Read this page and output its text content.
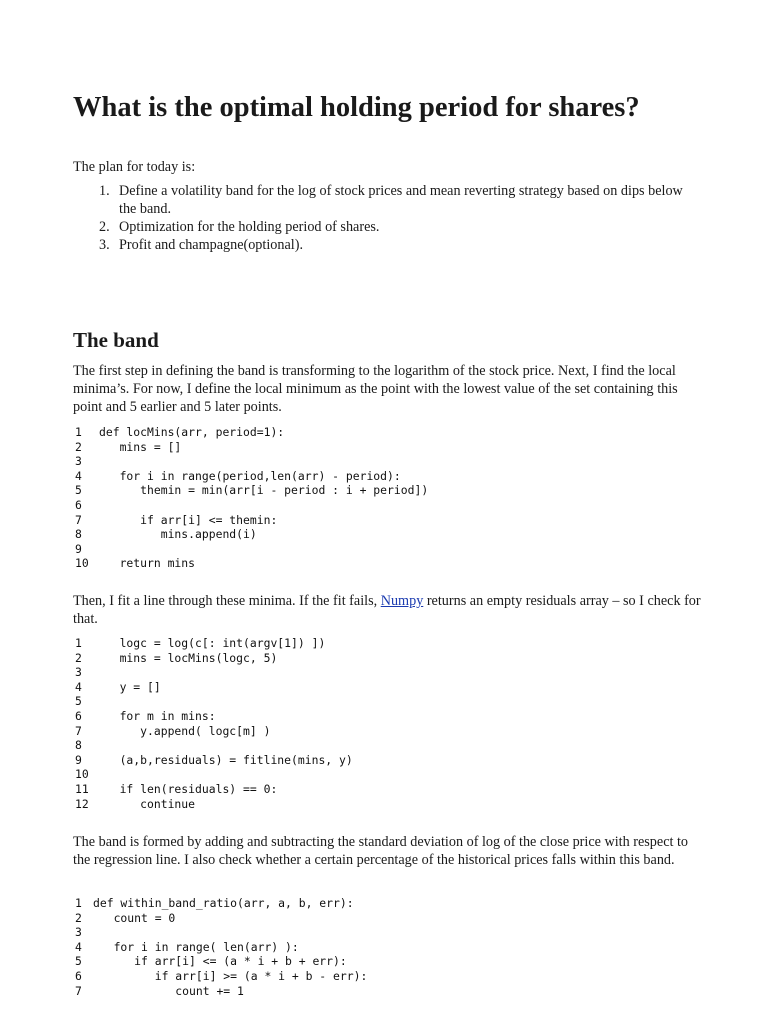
What is the optimal holding period for shares?

The plan for today is:

1. Define a volatility band for the log of stock prices and mean reverting strategy based on dips below the band.
2. Optimization for the holding period of shares.
3. Profit and champagne(optional).
The band

The first step in defining the band is transforming to the logarithm of the stock price. Next, I find the local minima’s. For now, I define the local minimum as the point with the lowest value of the set containing this point and 5 earlier and 5 later points.

1 def locMins(arr, period=1):
2   mins = []
3
4   for i in range(period,len(arr) - period):
5      themin = min(arr[i - period : i + period])
6
7      if arr[i] <= themin:
8         mins.append(i)
9
10   return mins

Then, I fit a line through these minima. If the fit fails, Numpy returns an empty residuals array – so I check for that.

1   logc = log(c[: int(argv[1]) ])
2   mins = locMins(logc, 5)
3
4   y = []
5
6   for m in mins:
7      y.append( logc[m] )
8
9   (a,b,residuals) = fitline(mins, y)
10
11   if len(residuals) == 0:
12      continue

The band is formed by adding and subtracting the standard deviation of log of the close price with respect to the regression line. I also check whether a certain percentage of the historical prices falls within this band.

1 def within_band_ratio(arr, a, b, err):
2   count = 0
3
4   for i in range( len(arr) ):
5      if arr[i] <= (a * i + b + err):
6         if arr[i] >= (a * i + b - err):
7            count += 1
